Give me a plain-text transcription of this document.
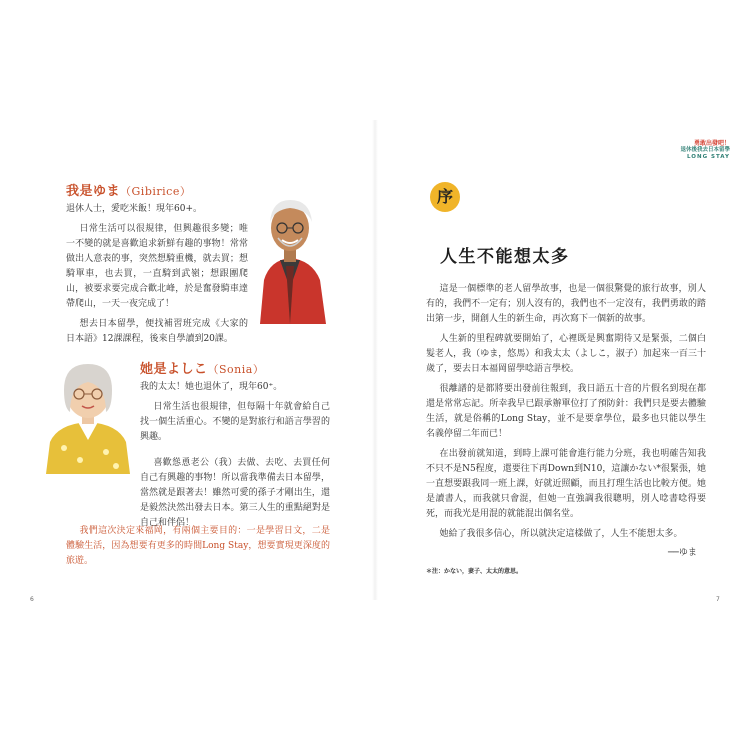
我是ゆま（Gibirice）

退休人士，愛吃米飯！現年60+。

日常生活可以很規律，但興趣很多變；唯一不變的就是喜歡追求新鮮有趣的事物！常常做出人意表的事，突然想騎重機，就去買；想騎單車，也去買，一直騎到武嶺；想跟團爬山，被要求要完成合歡北峰，於是奮發騎車達帶爬山，一天一夜完成了！

想去日本留學，便找補習班完成《大家的日本語》12課課程，後來自學讀到20課。

她是よしこ（Sonia）

我的太太！她也退休了，現年60⁺。

日常生活也很規律，但每隔十年就會給自己找一個生活重心。不變的是對旅行和語言學習的興趣。

喜歡慫恿老公（我）去做、去吃、去買任何自己有興趣的事物！所以當我準備去日本留學，當然就是跟著去！雖然可愛的孫子才剛出生，還是毅然決然出發去日本。第三人生的重點絕對是自己和伴侶！

我們這次決定來福岡，有兩個主要目的：一是學習日文，二是體驗生活，因為想要有更多的時間Long Stay，想要實現更深度的旅遊。

6
勇敢出發吧！
退休後我去日本留學
LONG STAY
序
人生不能想太多

這是一個標準的老人留學故事，也是一個很驚覺的旅行故事，別人有的，我們不一定有；別人沒有的，我們也不一定沒有，我們勇敢的踏出第一步，開創人生的新生命，再次寫下一個新的故事。

人生新的里程碑就要開始了，心裡既是興奮期待又是緊張，二個白髮老人，我（ゆま，悠馬）和我太太（よしこ，淑子）加起來一百三十歲了，要去日本福岡留學唸語言學校。

很離譜的是都將要出發前往報到，我日語五十音的片假名到現在都還是常常忘記。所幸我早已跟承辦單位打了預防針：我們只是要去體驗生活，就是俗稱的Long Stay，並不是要拿學位，最多也只能以學生名義停留二年而已！

在出發前就知道，到時上課可能會進行能力分班，我也明確告知我不只不是N5程度，還要往下再Down到N10，這讓かない*很緊張，她一直想要跟我同一班上課，好就近照顧，而且打理生活也比較方便。她是讀書人，而我就只會混，但她一直強調我很聰明，別人唸書唸得要死，而我光是用混的就能混出個名堂。

她給了我很多信心，所以就決定這樣做了，人生不能想太多。

──ゆま
＊注：かない，妻子、太太的意思。
7
